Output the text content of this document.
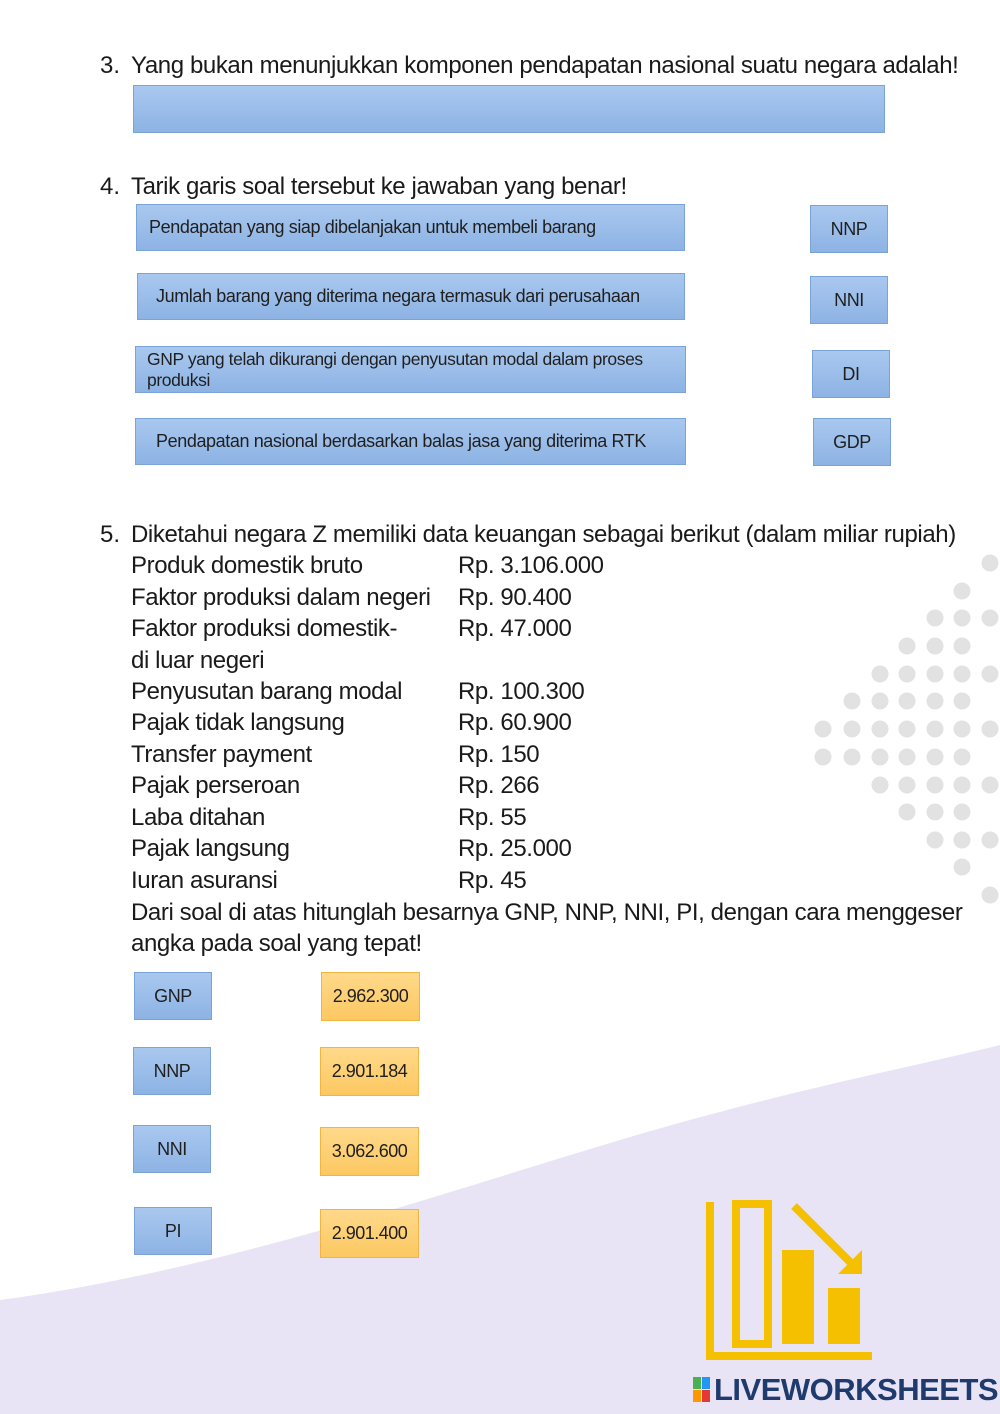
3. Yang bukan menunjukkan komponen pendapatan nasional suatu negara adalah!
4. Tarik garis soal tersebut ke jawaban yang benar!
Pendapatan yang siap dibelanjakan untuk membeli barang
Jumlah barang yang diterima negara termasuk dari perusahaan
GNP yang telah dikurangi dengan penyusutan modal dalam proses produksi
Pendapatan nasional berdasarkan balas jasa yang diterima RTK
NNP
NNI
DI
GDP
5. Diketahui negara Z memiliki data keuangan sebagai berikut (dalam miliar rupiah)
Produk domestik bruto	Rp. 3.106.000
Faktor produksi dalam negeri Rp. 90.400
Faktor produksi domestik-	Rp. 47.000
di luar negeri
Penyusutan barang modal Rp. 100.300
Pajak tidak langsung	Rp. 60.900
Transfer payment	Rp. 150
Pajak perseroan	Rp. 266
Laba ditahan	Rp. 55
Pajak langsung	Rp. 25.000
Iuran asuransi	Rp. 45
Dari soal di atas hitunglah besarnya GNP, NNP, NNI, PI, dengan cara menggeser
angka pada soal yang tepat!
GNP
NNP
NNI
PI
2.962.300
2.901.184
3.062.600
2.901.400
LIVEWORKSHEETS
